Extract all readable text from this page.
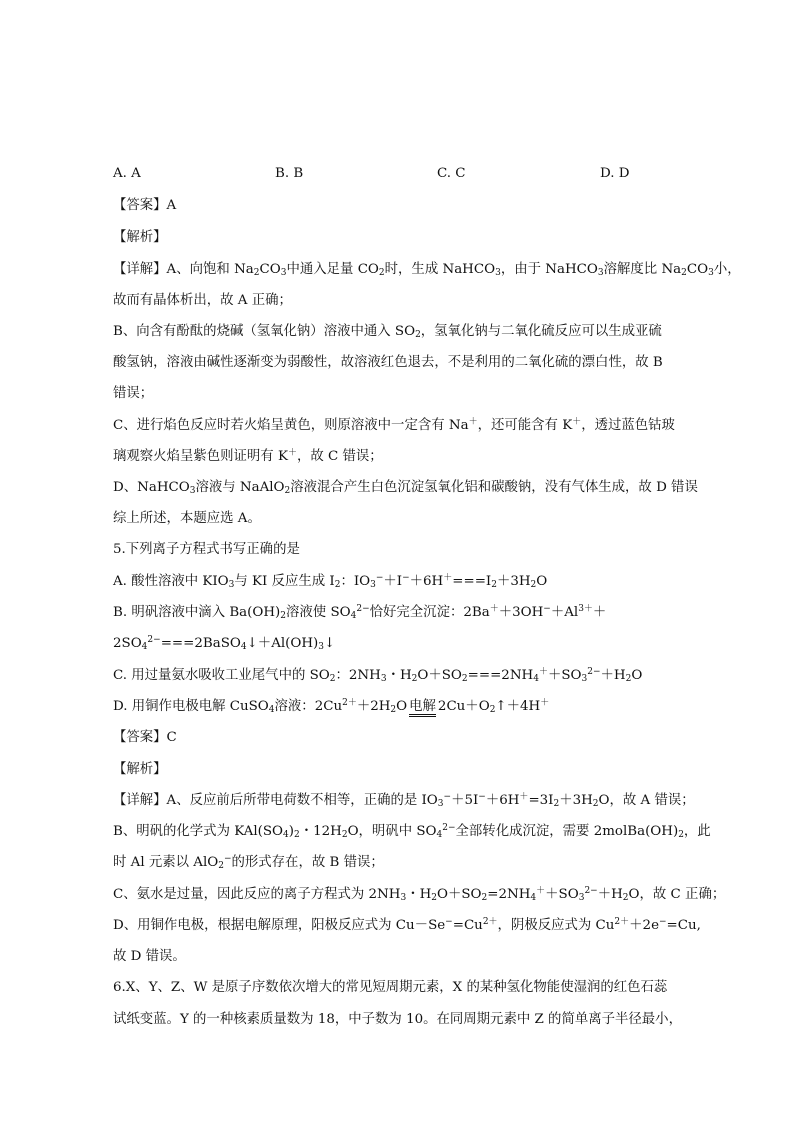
A. A	B. B	C. C	D. D
【答案】A
【解析】
【详解】A、向饱和 $Na_2CO_3$中通入足量 $CO_2$时，生成 NaHCO$_3$，由于 NaHCO$_3$溶解度比 $Na_2CO_3$小，
故而有晶体析出，故 A 正确；
B、向含有酚酞的烧碱（氢氧化钠）溶液中通入 $SO_2$，氢氧化钠与二氧化硫反应可以生成亚硫
酸氢钠，溶液由碱性逐渐变为弱酸性，故溶液红色退去，不是利用的二氧化硫的漂白性，故 B
错误；
C、进行焰色反应时若火焰呈黄色，则原溶液中一定含有 Na＋，还可能含有 K＋，透过蓝色钴玻
璃观察火焰呈紫色则证明有 K＋，故 C 错误；
D、NaHCO$_3$溶液与 NaAlO$_2$溶液混合产生白色沉淀氢氧化铝和碳酸钠，没有气体生成，故 D 错误
综上所述，本题应选 A。
5.下列离子方程式书写正确的是
A. 酸性溶液中 $KIO_3$与 KI 反应生成 $I_2$：$IO_3^-+I^-+6H^+===I_2+3H_2O$
B. 明矾溶液中滴入 $Ba(OH)_2$溶液使 $SO_4^{2-}$恰好完全沉淀：$2Ba^++3OH^-+Al^{3+}+$
$2SO_4^{2-}===2BaSO_4↓+Al(OH)_3↓$
C. 用过量氨水吸收工业尾气中的 $SO_2$：$2NH_3$・$H_2O+SO_2===2NH_4^++SO_3^{2-}+H_2O$
D. 用铜作电极电解 CuSO$_4$溶液：$2Cu^{2+}+2H_2O$ 电解 $2Cu+O_2↑+4H^+$
【答案】C
【解析】
【详解】A、反应前后所带电荷数不相等，正确的是 $IO_3^-+5I^-+6H^+=3I_2+3H_2O$，故 A 错误；
B、明矾的化学式为 $KAl(SO_4)_2$・$12H_2O$，明矾中 $SO_4^{2-}$全部转化成沉淀，需要 $2molBa(OH)_2$，此
时 Al 元素以 AlO$_2$−的形式存在，故 B 错误；
C、氨水是过量，因此反应的离子方程式为 $2NH_3$・$H_2O+SO_2=2NH_4^++SO_3^{2-}+H_2O$，故 C 正确；
D、用铜作电极，根据电解原理，阳极反应式为 $Cu-Se^-=Cu^{2+}$，阴极反应式为 $Cu^{2+}+2e^-=Cu$,
故 D 错误。
6.X、Y、Z、W 是原子序数依次增大的常见短周期元素，X 的某种氢化物能使湿润的红色石蕊
试纸变蓝。Y 的一种核素质量数为 18，中子数为 10。在同周期元素中 Z 的简单离子半径最小，
